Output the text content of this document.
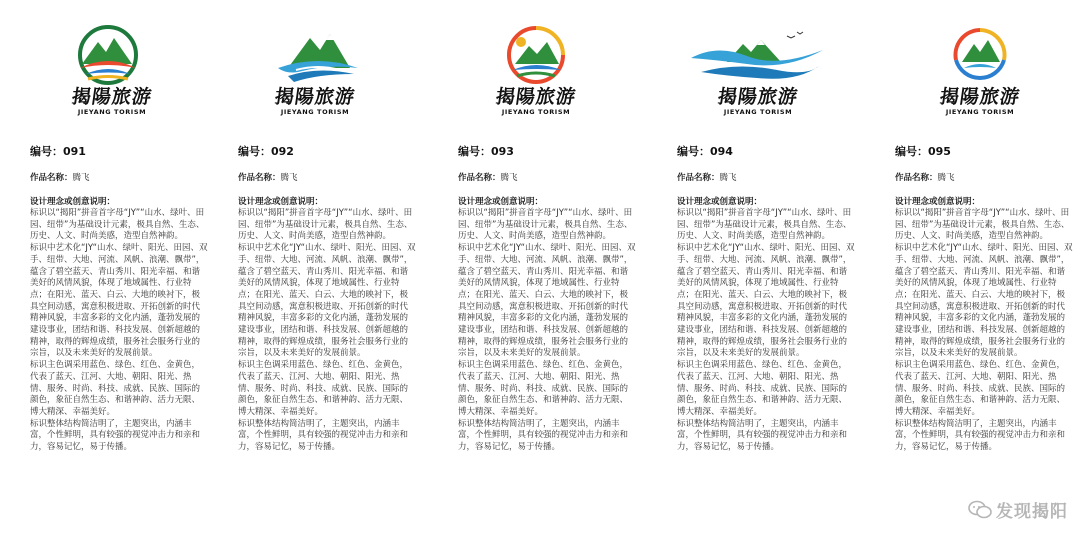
揭陽旅游
JIEYANG TORISM
编号：091
作品名称：腾飞
设计理念或创意说明：

标识以“揭阳”拼音首字母“JY”“山水、绿叶、田园、纽带”为基础设计元素，极具自然、生态、历史、人文、时尚美感，造型自然神韵。

标识中艺术化“JY“山水、绿叶、阳光、田园、双手、纽带、大地、河流、风帆、浪潮、飘带”，蕴含了碧空蓝天、青山秀川、阳光幸福、和谐美好的风情风貌，体现了地域属性、行业特点；在阳光、蓝天、白云、大地的映衬下，极具空间动感，寓意积极进取、开拓创新的时代精神风貌，丰富多彩的文化内涵，蓬勃发展的建设事业，团结和谐、科技发展、创新超越的精神，取得的辉煌成绩，服务社会服务行业的宗旨，以及未来美好的发展前景。

标识主色调采用蓝色、绿色、红色、金黄色，代表了蓝天、江河、大地、朝阳、阳光、热情、服务、时尚、科技、成就、民族、国际的颜色，象征自然生态、和谐神韵、活力无限、博大精深、幸福美好。

标识整体结构简洁明了，主题突出，内涵丰富，个性鲜明，具有较强的视觉冲击力和亲和力，容易记忆，易于传播。

揭陽旅游
JIEYANG TORISM
编号：092
作品名称：腾飞
设计理念或创意说明：

标识以“揭阳”拼音首字母“JY”“山水、绿叶、田园、纽带”为基础设计元素，极具自然、生态、历史、人文、时尚美感，造型自然神韵。

标识中艺术化“JY“山水、绿叶、阳光、田园、双手、纽带、大地、河流、风帆、浪潮、飘带”，蕴含了碧空蓝天、青山秀川、阳光幸福、和谐美好的风情风貌，体现了地域属性、行业特点；在阳光、蓝天、白云、大地的映衬下，极具空间动感，寓意积极进取、开拓创新的时代精神风貌，丰富多彩的文化内涵，蓬勃发展的建设事业，团结和谐、科技发展、创新超越的精神，取得的辉煌成绩，服务社会服务行业的宗旨，以及未来美好的发展前景。

标识主色调采用蓝色、绿色、红色、金黄色，代表了蓝天、江河、大地、朝阳、阳光、热情、服务、时尚、科技、成就、民族、国际的颜色，象征自然生态、和谐神韵、活力无限、博大精深、幸福美好。

标识整体结构简洁明了，主题突出，内涵丰富，个性鲜明，具有较强的视觉冲击力和亲和力，容易记忆，易于传播。

揭陽旅游
JIEYANG TORISM
编号：093
作品名称：腾飞
设计理念或创意说明：

标识以“揭阳”拼音首字母“JY”“山水、绿叶、田园、纽带”为基础设计元素，极具自然、生态、历史、人文、时尚美感，造型自然神韵。

标识中艺术化“JY“山水、绿叶、阳光、田园、双手、纽带、大地、河流、风帆、浪潮、飘带”，蕴含了碧空蓝天、青山秀川、阳光幸福、和谐美好的风情风貌，体现了地域属性、行业特点；在阳光、蓝天、白云、大地的映衬下，极具空间动感，寓意积极进取、开拓创新的时代精神风貌，丰富多彩的文化内涵，蓬勃发展的建设事业，团结和谐、科技发展、创新超越的精神，取得的辉煌成绩，服务社会服务行业的宗旨，以及未来美好的发展前景。

标识主色调采用蓝色、绿色、红色、金黄色，代表了蓝天、江河、大地、朝阳、阳光、热情、服务、时尚、科技、成就、民族、国际的颜色，象征自然生态、和谐神韵、活力无限、博大精深、幸福美好。

标识整体结构简洁明了，主题突出，内涵丰富，个性鲜明，具有较强的视觉冲击力和亲和力，容易记忆，易于传播。

揭陽旅游
JIEYANG TORISM
编号：094
作品名称：腾飞
设计理念或创意说明：

标识以“揭阳”拼音首字母“JY”“山水、绿叶、田园、纽带”为基础设计元素，极具自然、生态、历史、人文、时尚美感，造型自然神韵。

标识中艺术化“JY“山水、绿叶、阳光、田园、双手、纽带、大地、河流、风帆、浪潮、飘带”，蕴含了碧空蓝天、青山秀川、阳光幸福、和谐美好的风情风貌，体现了地域属性、行业特点；在阳光、蓝天、白云、大地的映衬下，极具空间动感，寓意积极进取、开拓创新的时代精神风貌，丰富多彩的文化内涵，蓬勃发展的建设事业，团结和谐、科技发展、创新超越的精神，取得的辉煌成绩，服务社会服务行业的宗旨，以及未来美好的发展前景。

标识主色调采用蓝色、绿色、红色、金黄色，代表了蓝天、江河、大地、朝阳、阳光、热情、服务、时尚、科技、成就、民族、国际的颜色，象征自然生态、和谐神韵、活力无限、博大精深、幸福美好。

标识整体结构简洁明了，主题突出，内涵丰富，个性鲜明，具有较强的视觉冲击力和亲和力，容易记忆，易于传播。

揭陽旅游
JIEYANG TORISM
编号：095
作品名称：腾飞
设计理念或创意说明：

标识以“揭阳”拼音首字母“JY”“山水、绿叶、田园、纽带”为基础设计元素，极具自然、生态、历史、人文、时尚美感，造型自然神韵。

标识中艺术化“JY“山水、绿叶、阳光、田园、双手、纽带、大地、河流、风帆、浪潮、飘带”，蕴含了碧空蓝天、青山秀川、阳光幸福、和谐美好的风情风貌，体现了地域属性、行业特点；在阳光、蓝天、白云、大地的映衬下，极具空间动感，寓意积极进取、开拓创新的时代精神风貌，丰富多彩的文化内涵，蓬勃发展的建设事业，团结和谐、科技发展、创新超越的精神，取得的辉煌成绩，服务社会服务行业的宗旨，以及未来美好的发展前景。

标识主色调采用蓝色、绿色、红色、金黄色，代表了蓝天、江河、大地、朝阳、阳光、热情、服务、时尚、科技、成就、民族、国际的颜色，象征自然生态、和谐神韵、活力无限、博大精深、幸福美好。

标识整体结构简洁明了，主题突出，内涵丰富，个性鲜明，具有较强的视觉冲击力和亲和力，容易记忆，易于传播。

发现揭阳
